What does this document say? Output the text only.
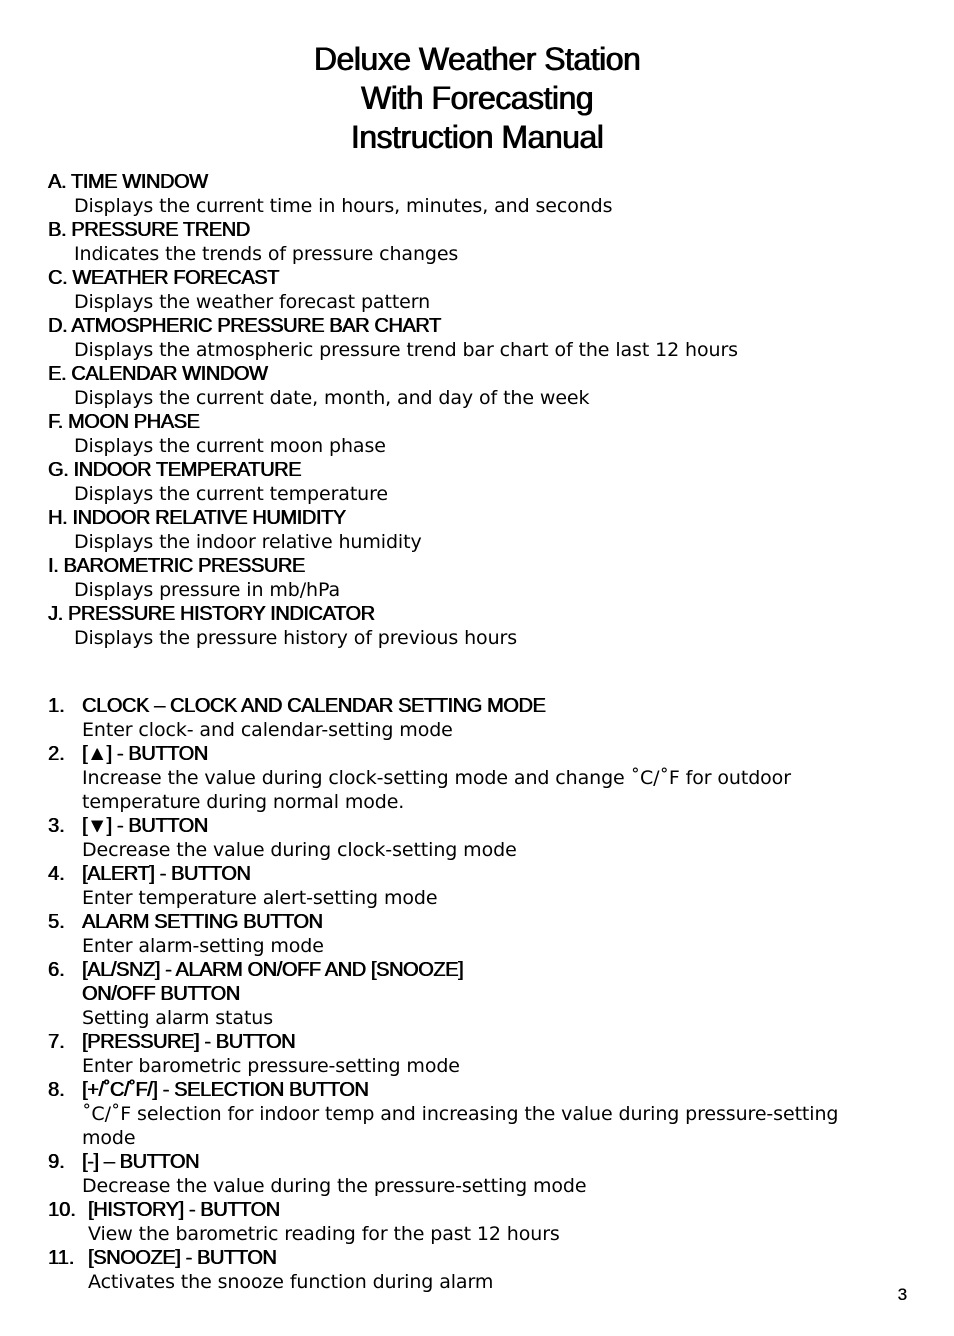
Deluxe Weather Station
With Forecasting
Instruction Manual
A. TIME WINDOW
Displays the current time in hours, minutes, and seconds
B. PRESSURE TREND
Indicates the trends of pressure changes
C. WEATHER FORECAST
Displays the weather forecast pattern
D. ATMOSPHERIC PRESSURE BAR CHART
Displays the atmospheric pressure trend bar chart of the last 12 hours
E. CALENDAR WINDOW
Displays the current date, month, and day of the week
F. MOON PHASE
Displays the current moon phase
G. INDOOR TEMPERATURE
Displays the current temperature
H. INDOOR RELATIVE HUMIDITY
Displays the indoor relative humidity
I. BAROMETRIC PRESSURE
Displays pressure in mb/hPa
J. PRESSURE HISTORY INDICATOR
Displays the pressure history of previous hours
1. CLOCK – CLOCK AND CALENDAR SETTING MODE
Enter clock- and calendar-setting mode
2. [▲] - BUTTON
Increase the value during clock-setting mode and change ˚C/˚F for outdoor
temperature during normal mode.
3. [▼] - BUTTON
Decrease the value during clock-setting mode
4. [ALERT] - BUTTON
Enter temperature alert-setting mode
5. ALARM SETTING BUTTON
Enter alarm-setting mode
6. [AL/SNZ] - ALARM ON/OFF AND [SNOOZE]
ON/OFF BUTTON
Setting alarm status
7. [PRESSURE] - BUTTON
Enter barometric pressure-setting mode
8. [+/˚C/˚F/] - SELECTION BUTTON
˚C/˚F selection for indoor temp and increasing the value during pressure-setting
mode
9. [-] – BUTTON
Decrease the value during the pressure-setting mode
10. [HISTORY] - BUTTON
View the barometric reading for the past 12 hours
11. [SNOOZE] - BUTTON
Activates the snooze function during alarm
3
